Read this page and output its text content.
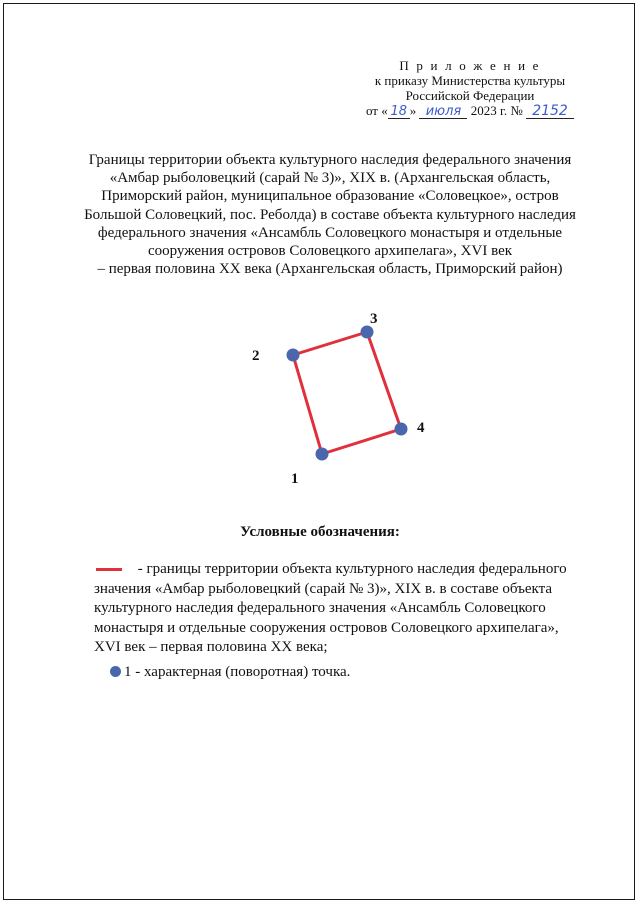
П р и л о ж е н и е
к приказу Министерства культуры
Российской Федерации
от « 18 » июля 2023 г. № 2152
Границы территории объекта культурного наследия федерального значения
«Амбар рыболовецкий (сарай № 3)», XIX в. (Архангельская область,
Приморский район, муниципальное образование «Соловецкое», остров
Большой Соловецкий, пос. Реболда) в составе объекта культурного наследия
федерального значения «Ансамбль Соловецкого монастыря и отдельные
сооружения островов Соловецкого архипелага», XVI век
– первая половина XX века (Архангельская область, Приморский район)
1
2
3
4
Условные обозначения:
- границы территории объекта культурного наследия федерального
значения «Амбар рыболовецкий (сарай № 3)», XIX в. в составе объекта
культурного наследия федерального значения «Ансамбль Соловецкого
монастыря и отдельные сооружения островов Соловецкого архипелага»,
XVI век – первая половина XX века;
1 - характерная (поворотная) точка.
